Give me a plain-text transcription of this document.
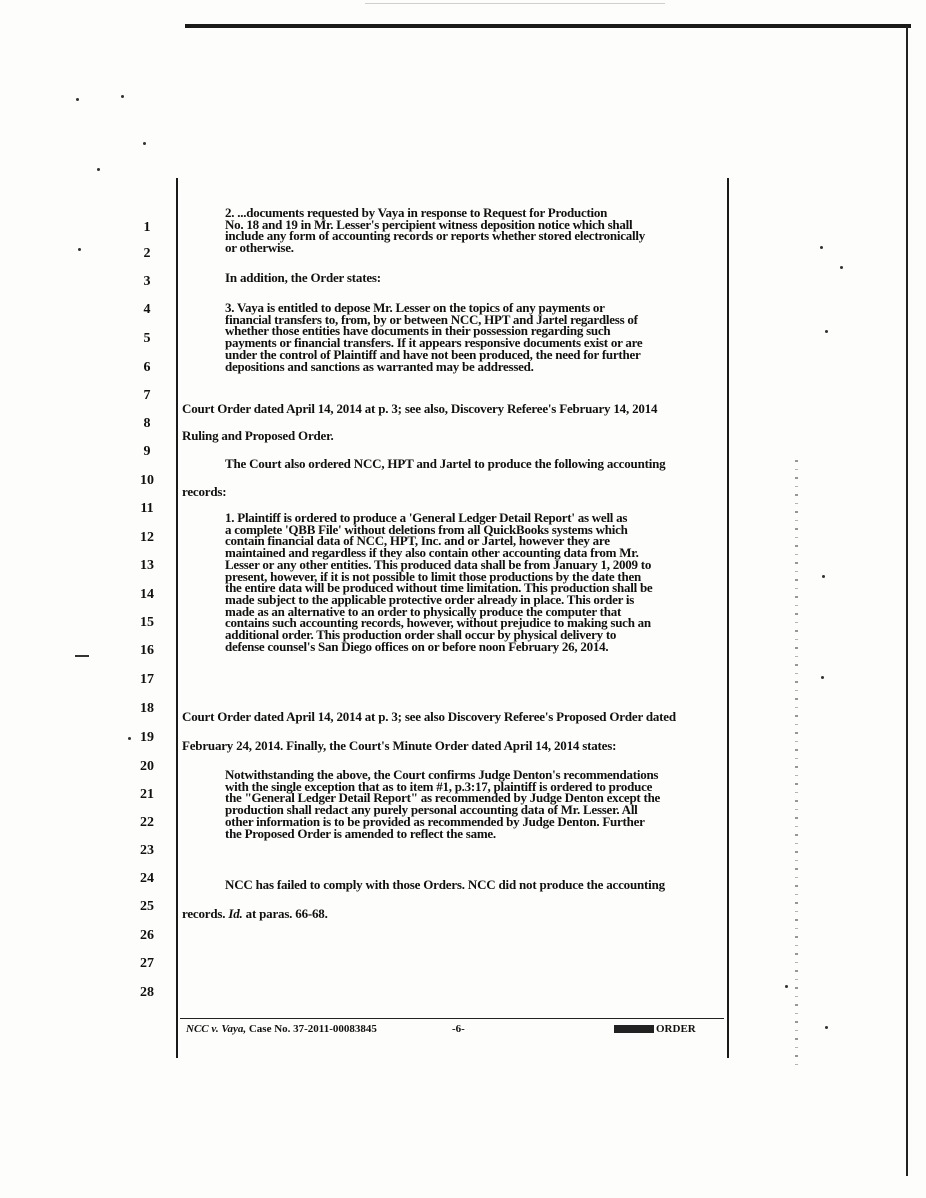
1
2
3
4
5
6
7
8
9
10
11
12
13
14
15
16
17
18
19
20
21
22
23
24
25
26
27
28

2. ...documents requested by Vaya in response to Request for Production

No. 18 and 19 in Mr. Lesser's percipient witness deposition notice which shall

include any form of accounting records or reports whether stored electronically

or otherwise.

In addition, the Order states:

3. Vaya is entitled to depose Mr. Lesser on the topics of any payments or

financial transfers to, from, by or between NCC, HPT and Jartel regardless of

whether those entities have documents in their possession regarding such

payments or financial transfers. If it appears responsive documents exist or are

under the control of Plaintiff and have not been produced, the need for further

depositions and sanctions as warranted may be addressed.

Court Order dated April 14, 2014 at p. 3; see also, Discovery Referee's February 14, 2014
Ruling and Proposed Order.
The Court also ordered NCC, HPT and Jartel to produce the following accounting
records:

1. Plaintiff is ordered to produce a 'General Ledger Detail Report' as well as

a complete 'QBB File' without deletions from all QuickBooks systems which

contain financial data of NCC, HPT, Inc. and or Jartel, however they are

maintained and regardless if they also contain other accounting data from Mr.

Lesser or any other entities. This produced data shall be from January 1, 2009 to

present, however, if it is not possible to limit those productions by the date then

the entire data will be produced without time limitation. This production shall be

made subject to the applicable protective order already in place. This order is

made as an alternative to an order to physically produce the computer that

contains such accounting records, however, without prejudice to making such an

additional order. This production order shall occur by physical delivery to

defense counsel's San Diego offices on or before noon February 26, 2014.

Court Order dated April 14, 2014 at p. 3; see also Discovery Referee's Proposed Order dated
February 24, 2014. Finally, the Court's Minute Order dated April 14, 2014 states:

Notwithstanding the above, the Court confirms Judge Denton's recommendations

with the single exception that as to item #1, p.3:17, plaintiff is ordered to produce

the "General Ledger Detail Report" as recommended by Judge Denton except the

production shall redact any purely personal accounting data of Mr. Lesser. All

other information is to be provided as recommended by Judge Denton. Further

the Proposed Order is amended to reflect the same.

NCC has failed to comply with those Orders. NCC did not produce the accounting
records. Id. at paras. 66-68.
NCC v. Vaya, Case No. 37-2011-00083845	-6-	ORDER
